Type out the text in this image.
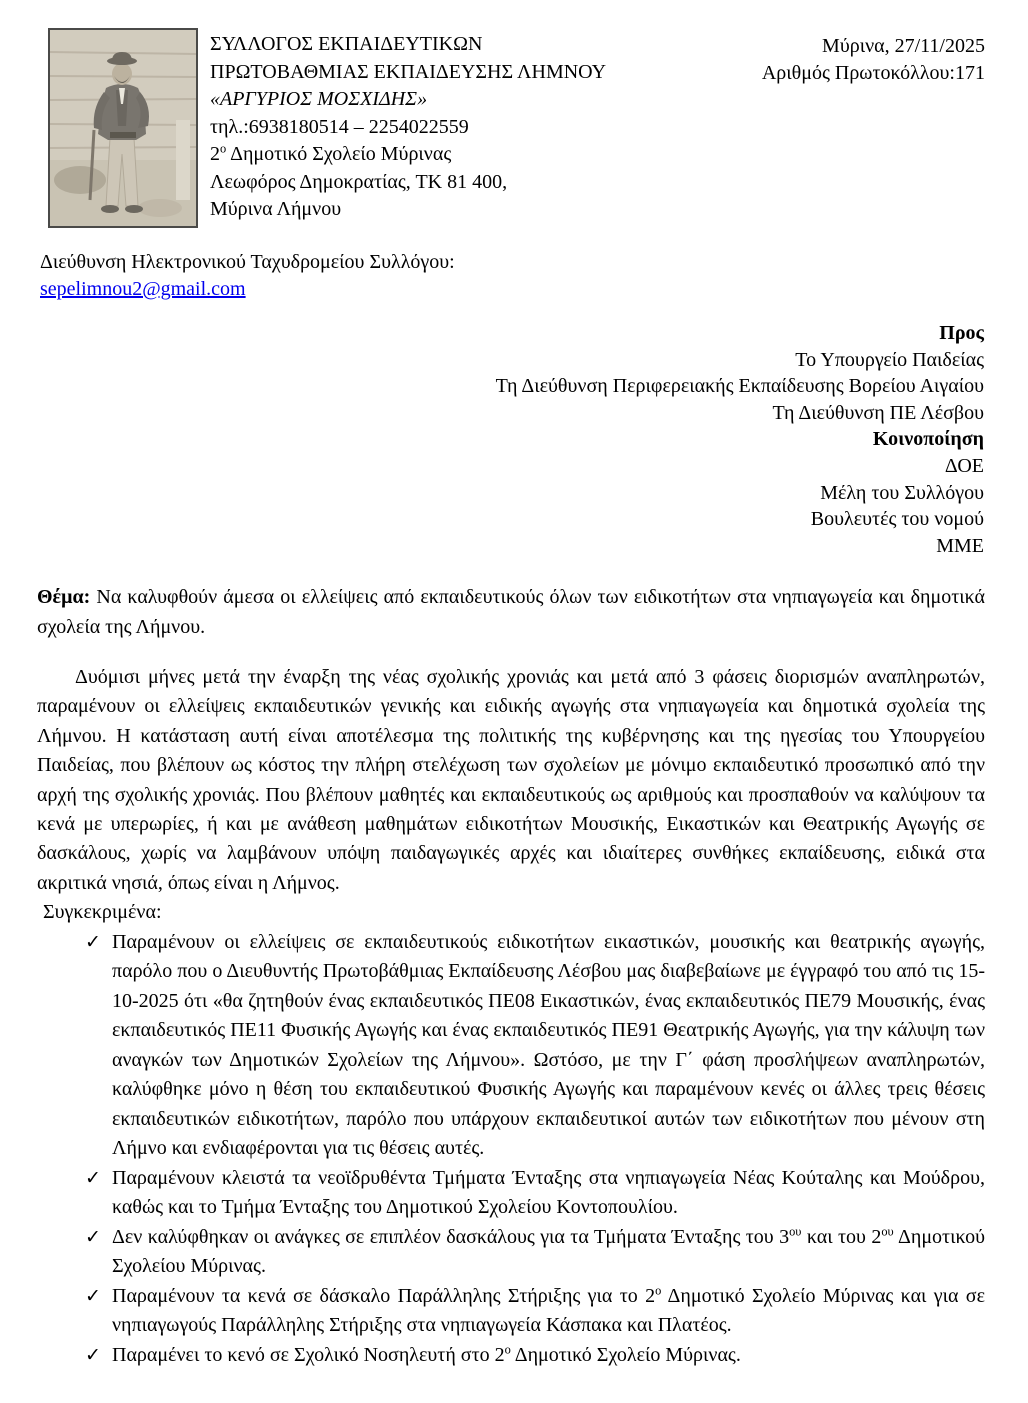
ΣΥΛΛΟΓΟΣ ΕΚΠΑΙΔΕΥΤΙΚΩΝ
ΠΡΩΤΟΒΑΘΜΙΑΣ ΕΚΠΑΙΔΕΥΣΗΣ ΛΗΜΝΟΥ
«ΑΡΓΥΡΙΟΣ ΜΟΣΧΙΔΗΣ»
τηλ.:6938180514 – 2254022559
$2^o$ Δημοτικό Σχολείο Μύρινας
Λεωφόρος Δημοκρατίας, ΤΚ 81 400,
Μύρινα Λήμνου
Μύρινα, 27/11/2025
Αριθμός Πρωτοκόλλου:171
Διεύθυνση Ηλεκτρονικού Ταχυδρομείου Συλλόγου:
sepelimnou2@gmail.com
Προς
Το Υπουργείο Παιδείας
Τη Διεύθυνση Περιφερειακής Εκπαίδευσης Βορείου Αιγαίου
Τη Διεύθυνση ΠΕ Λέσβου
Κοινοποίηση
ΔΟΕ
Μέλη του Συλλόγου
Βουλευτές του νομού
ΜΜΕ
Θέμα: Να καλυφθούν άμεσα οι ελλείψεις από εκπαιδευτικούς όλων των ειδικοτήτων στα νηπιαγωγεία και δημοτικά σχολεία της Λήμνου.
Δυόμισι μήνες μετά την έναρξη της νέας σχολικής χρονιάς και μετά από 3 φάσεις διορισμών αναπληρωτών, παραμένουν οι ελλείψεις εκπαιδευτικών γενικής και ειδικής αγωγής στα νηπιαγωγεία και δημοτικά σχολεία της Λήμνου. Η κατάσταση αυτή είναι αποτέλεσμα της πολιτικής της κυβέρνησης και της ηγεσίας του Υπουργείου Παιδείας, που βλέπουν ως κόστος την πλήρη στελέχωση των σχολείων με μόνιμο εκπαιδευτικό προσωπικό από την αρχή της σχολικής χρονιάς. Που βλέπουν μαθητές και εκπαιδευτικούς ως αριθμούς και προσπαθούν να καλύψουν τα κενά με υπερωρίες, ή και με ανάθεση μαθημάτων ειδικοτήτων Μουσικής, Εικαστικών και Θεατρικής Αγωγής σε δασκάλους, χωρίς να λαμβάνουν υπόψη παιδαγωγικές αρχές και ιδιαίτερες συνθήκες εκπαίδευσης, ειδικά στα ακριτικά νησιά, όπως είναι η Λήμνος.
Συγκεκριμένα:
✓ Παραμένουν οι ελλείψεις σε εκπαιδευτικούς ειδικοτήτων εικαστικών, μουσικής και θεατρικής αγωγής, παρόλο που ο Διευθυντής Πρωτοβάθμιας Εκπαίδευσης Λέσβου μας διαβεβαίωνε με έγγραφό του από τις 15-10-2025 ότι «θα ζητηθούν ένας εκπαιδευτικός ΠΕ08 Εικαστικών, ένας εκπαιδευτικός ΠΕ79 Μουσικής, ένας εκπαιδευτικός ΠΕ11 Φυσικής Αγωγής και ένας εκπαιδευτικός ΠΕ91 Θεατρικής Αγωγής, για την κάλυψη των αναγκών των Δημοτικών Σχολείων της Λήμνου». Ωστόσο, με την Γ΄ φάση προσλήψεων αναπληρωτών, καλύφθηκε μόνο η θέση του εκπαιδευτικού Φυσικής Αγωγής και παραμένουν κενές οι άλλες τρεις θέσεις εκπαιδευτικών ειδικοτήτων, παρόλο που υπάρχουν εκπαιδευτικοί αυτών των ειδικοτήτων που μένουν στη Λήμνο και ενδιαφέρονται για τις θέσεις αυτές.
✓ Παραμένουν κλειστά τα νεοϊδρυθέντα Τμήματα Ένταξης στα νηπιαγωγεία Νέας Κούταλης και Μούδρου, καθώς και το Τμήμα Ένταξης του Δημοτικού Σχολείου Κοντοπουλίου.
✓ Δεν καλύφθηκαν οι ανάγκες σε επιπλέον δασκάλους για τα Τμήματα Ένταξης του $3^{o\upsilon}$ και του $2^{o\upsilon}$ Δημοτικού Σχολείου Μύρινας.
✓ Παραμένουν τα κενά σε δάσκαλο Παράλληλης Στήριξης για το $2^o$ Δημοτικό Σχολείο Μύρινας και για σε νηπιαγωγούς Παράλληλης Στήριξης στα νηπιαγωγεία Κάσπακα και Πλατέος.
✓ Παραμένει το κενό σε Σχολικό Νοσηλευτή στο $2^o$ Δημοτικό Σχολείο Μύρινας.
